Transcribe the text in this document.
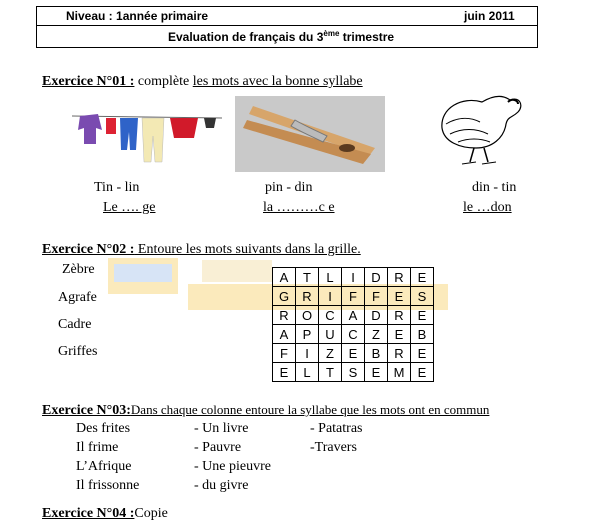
Niveau : 1année primaire	juin 2011
Evaluation de français du 3ème trimestre
Exercice N°01 : complète les mots avec la bonne syllabe
Tin - lin
Le …. ge
pin - din
la ………c e
din - tin
le …don
Exercice N°02 : Entoure les mots suivants dans la grille.
Zèbre
Agrafe
Cadre
Griffes
A	T	L	I	D	R	E
G	R	I	F	F	E	S
R	O	C	A	D	R	E
A	P	U	C	Z	E	B
F	I	Z	E	B	R	E
E	L	T	S	E	M	E
Exercice N°03:Dans chaque colonne entoure la syllabe que les mots ont en commun
Des frites
Il frime
L’Afrique
Il frissonne
- Un livre
- Pauvre
- Une pieuvre
- du givre
- Patatras
-Travers
Exercice N°04 :Copie
